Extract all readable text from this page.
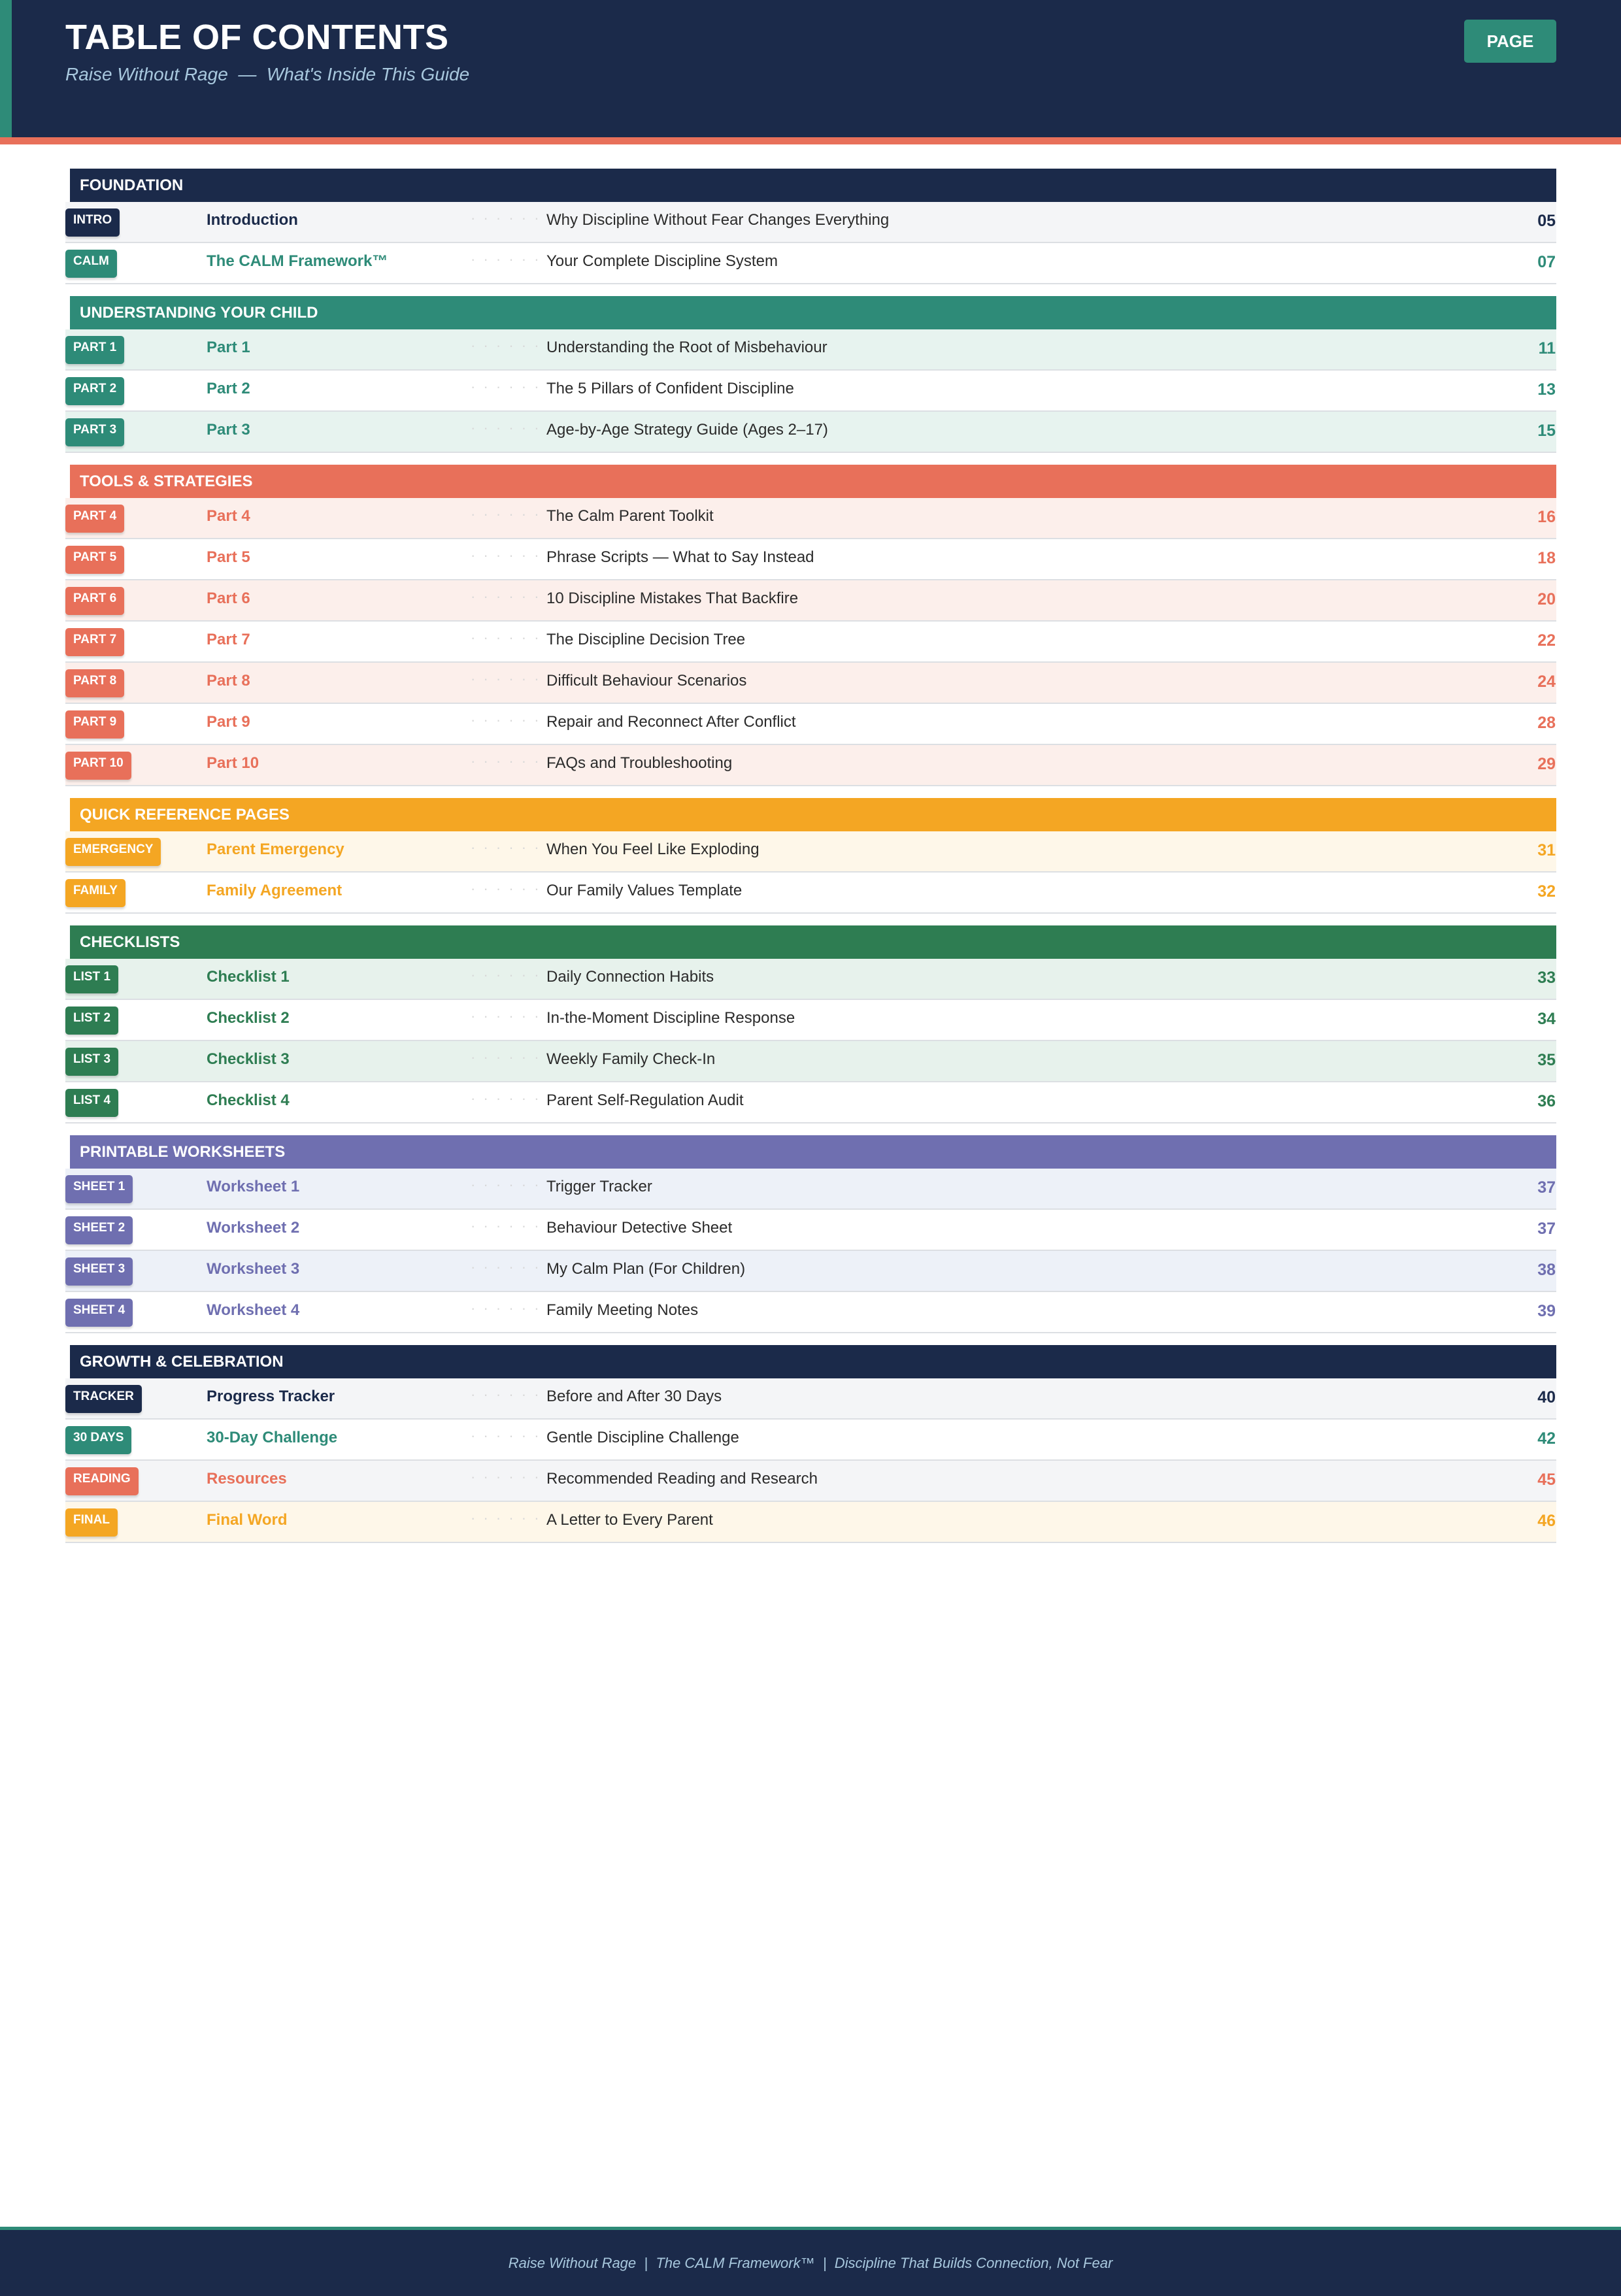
TABLE OF CONTENTS
Raise Without Rage  —  What's Inside This Guide
PAGE
FOUNDATION
INTRO	Introduction	· · · · · · Why Discipline Without Fear Changes Everything	05
CALM	The CALM Framework™	· · · · · · Your Complete Discipline System	07
UNDERSTANDING YOUR CHILD
PART 1	Part 1	· · · · · · Understanding the Root of Misbehaviour	11
PART 2	Part 2	· · · · · · The 5 Pillars of Confident Discipline	13
PART 3	Part 3	· · · · · · Age-by-Age Strategy Guide (Ages 2–17)	15
TOOLS & STRATEGIES
PART 4	Part 4	· · · · · · The Calm Parent Toolkit	16
PART 5	Part 5	· · · · · · Phrase Scripts — What to Say Instead	18
PART 6	Part 6	· · · · · · 10 Discipline Mistakes That Backfire	20
PART 7	Part 7	· · · · · · The Discipline Decision Tree	22
PART 8	Part 8	· · · · · · Difficult Behaviour Scenarios	24
PART 9	Part 9	· · · · · · Repair and Reconnect After Conflict	28
PART 10	Part 10	· · · · · · FAQs and Troubleshooting	29
QUICK REFERENCE PAGES
EMERGENCY	Parent Emergency	· · · · · · When You Feel Like Exploding	31
FAMILY	Family Agreement	· · · · · · Our Family Values Template	32
CHECKLISTS
LIST 1	Checklist 1	· · · · · · Daily Connection Habits	33
LIST 2	Checklist 2	· · · · · · In-the-Moment Discipline Response	34
LIST 3	Checklist 3	· · · · · · Weekly Family Check-In	35
LIST 4	Checklist 4	· · · · · · Parent Self-Regulation Audit	36
PRINTABLE WORKSHEETS
SHEET 1	Worksheet 1	· · · · · · Trigger Tracker	37
SHEET 2	Worksheet 2	· · · · · · Behaviour Detective Sheet	37
SHEET 3	Worksheet 3	· · · · · · My Calm Plan (For Children)	38
SHEET 4	Worksheet 4	· · · · · · Family Meeting Notes	39
GROWTH & CELEBRATION
TRACKER	Progress Tracker	· · · · · · Before and After 30 Days	40
30 DAYS	30-Day Challenge	· · · · · · Gentle Discipline Challenge	42
READING	Resources	· · · · · · Recommended Reading and Research	45
FINAL	Final Word	· · · · · · A Letter to Every Parent	46
Raise Without Rage  |  The CALM Framework™  |  Discipline That Builds Connection, Not Fear
